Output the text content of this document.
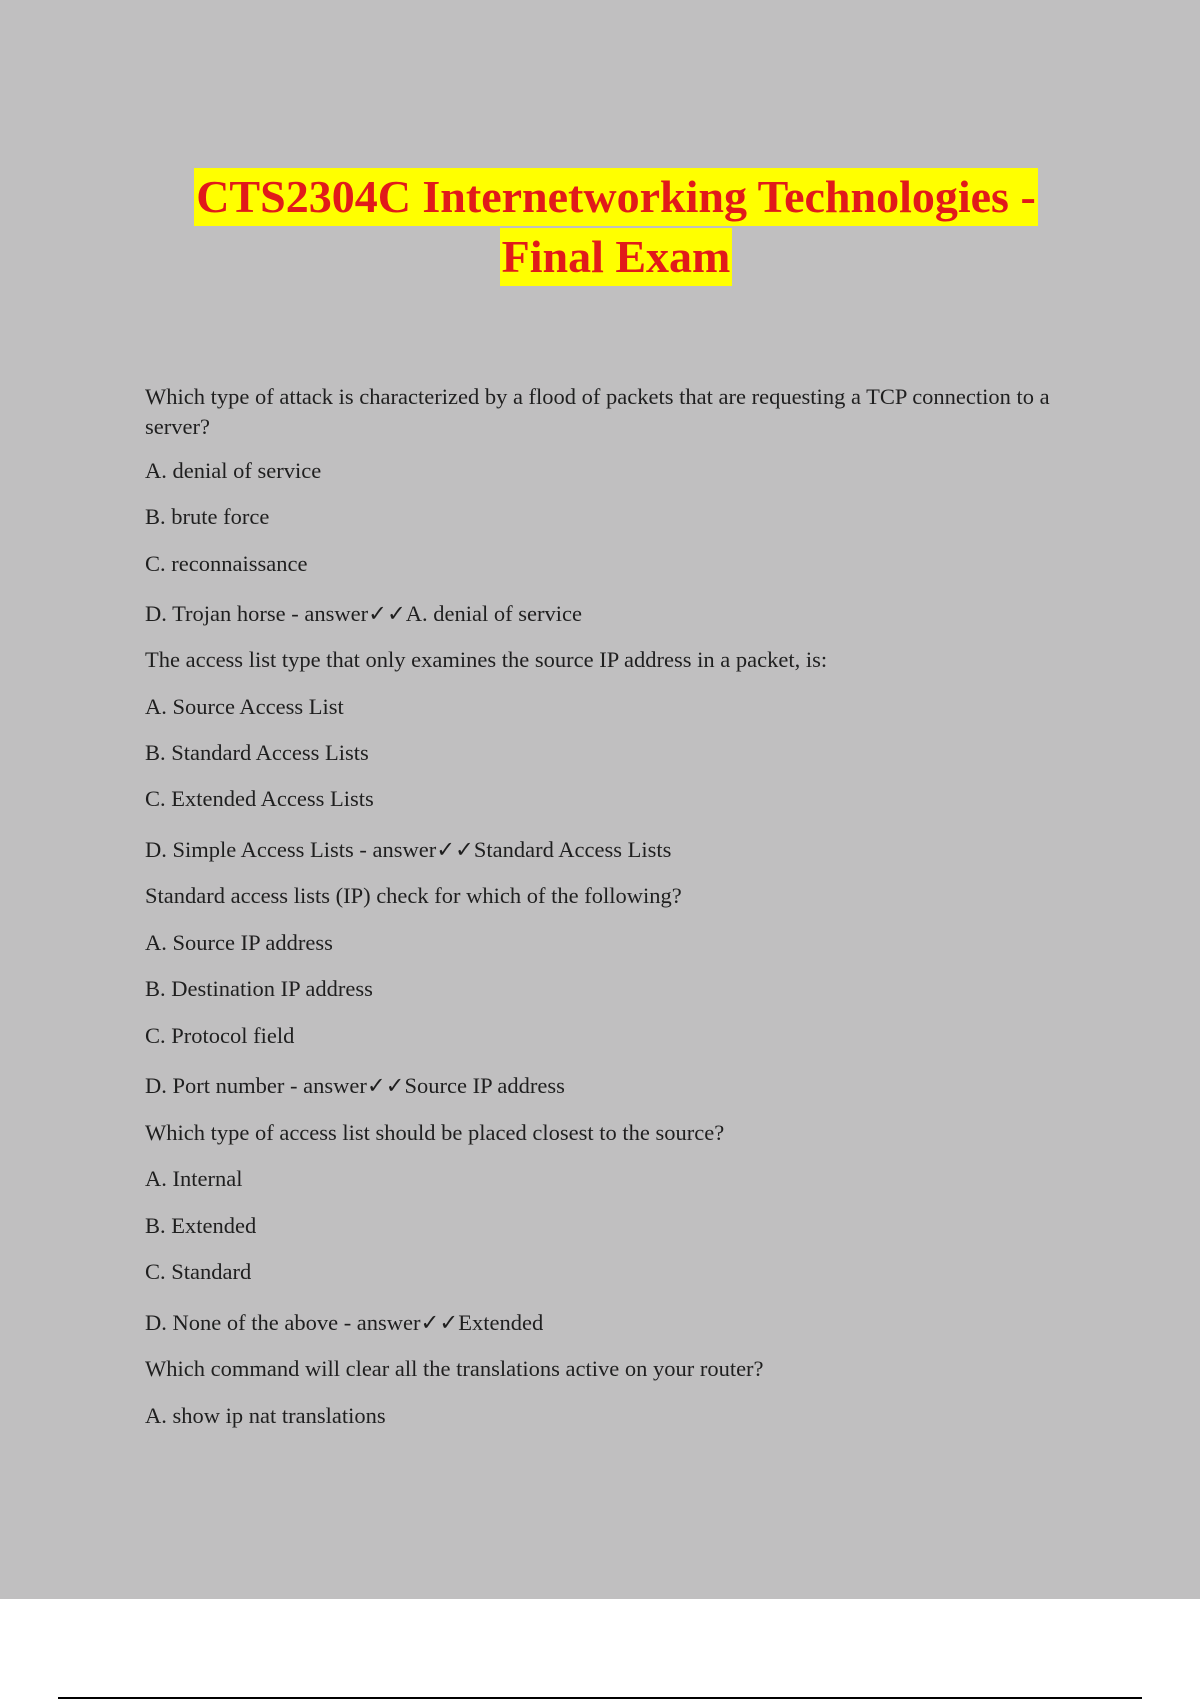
CTS2304C Internetworking Technologies -
Final Exam

Which type of attack is characterized by a flood of packets that are requesting a TCP connection to a server?

A. denial of service

B. brute force

C. reconnaissance

D. Trojan horse - answer✓✓A. denial of service

The access list type that only examines the source IP address in a packet, is:

A. Source Access List

B. Standard Access Lists

C. Extended Access Lists

D. Simple Access Lists - answer✓✓Standard Access Lists

Standard access lists (IP) check for which of the following?

A. Source IP address

B. Destination IP address

C. Protocol field

D. Port number - answer✓✓Source IP address

Which type of access list should be placed closest to the source?

A. Internal

B. Extended

C. Standard

D. None of the above - answer✓✓Extended

Which command will clear all the translations active on your router?

A. show ip nat translations
